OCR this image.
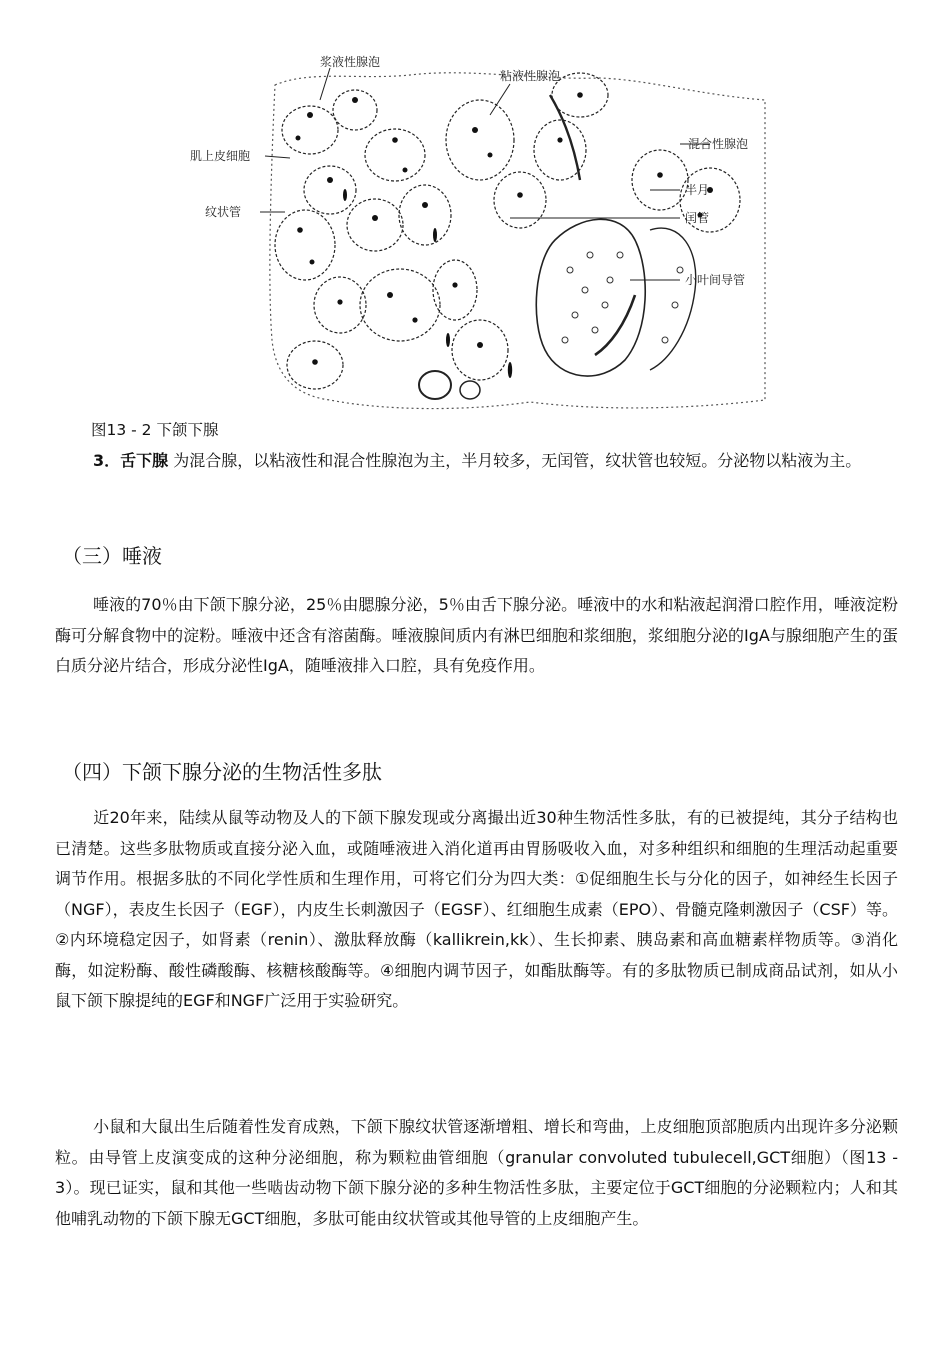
浆液性腺泡
粘液性腺泡
肌上皮细胞
混合性腺泡
纹状管
半月
闰管
小叶间导管
图13 - 2 下颌下腺
3．舌下腺 为混合腺，以粘液性和混合性腺泡为主，半月较多，无闰管，纹状管也较短。分泌物以粘液为主。
（三）唾液
唾液的70％由下颌下腺分泌，25％由腮腺分泌，5％由舌下腺分泌。唾液中的水和粘液起润滑口腔作用，唾液淀粉酶可分解食物中的淀粉。唾液中还含有溶菌酶。唾液腺间质内有淋巴细胞和浆细胞，浆细胞分泌的IgA与腺细胞产生的蛋白质分泌片结合，形成分泌性IgA，随唾液排入口腔，具有免疫作用。
（四）下颌下腺分泌的生物活性多肽
近20年来，陆续从鼠等动物及人的下颌下腺发现或分离撮出近30种生物活性多肽，有的已被提纯，其分子结构也已清楚。这些多肽物质或直接分泌入血，或随唾液进入消化道再由胃肠吸收入血，对多种组织和细胞的生理活动起重要调节作用。根据多肽的不同化学性质和生理作用，可将它们分为四大类：①促细胞生长与分化的因子，如神经生长因子（NGF），表皮生长因子（EGF），内皮生长刺激因子（EGSF）、红细胞生成素（EPO）、骨髓克隆刺激因子（CSF）等。②内环境稳定因子，如肾素（renin）、激肽释放酶（kallikrein,kk）、生长抑素、胰岛素和高血糖素样物质等。③消化酶，如淀粉酶、酸性磷酸酶、核糖核酸酶等。④细胞内调节因子，如酯肽酶等。有的多肽物质已制成商品试剂，如从小鼠下颌下腺提纯的EGF和NGF广泛用于实验研究。
小鼠和大鼠出生后随着性发育成熟，下颌下腺纹状管逐渐增粗、增长和弯曲，上皮细胞顶部胞质内出现许多分泌颗粒。由导管上皮演变成的这种分泌细胞，称为颗粒曲管细胞（granular convoluted tubulecell,GCT细胞）（图13 - 3）。现已证实，鼠和其他一些啮齿动物下颌下腺分泌的多种生物活性多肽，主要定位于GCT细胞的分泌颗粒内；人和其他哺乳动物的下颌下腺无GCT细胞，多肽可能由纹状管或其他导管的上皮细胞产生。
